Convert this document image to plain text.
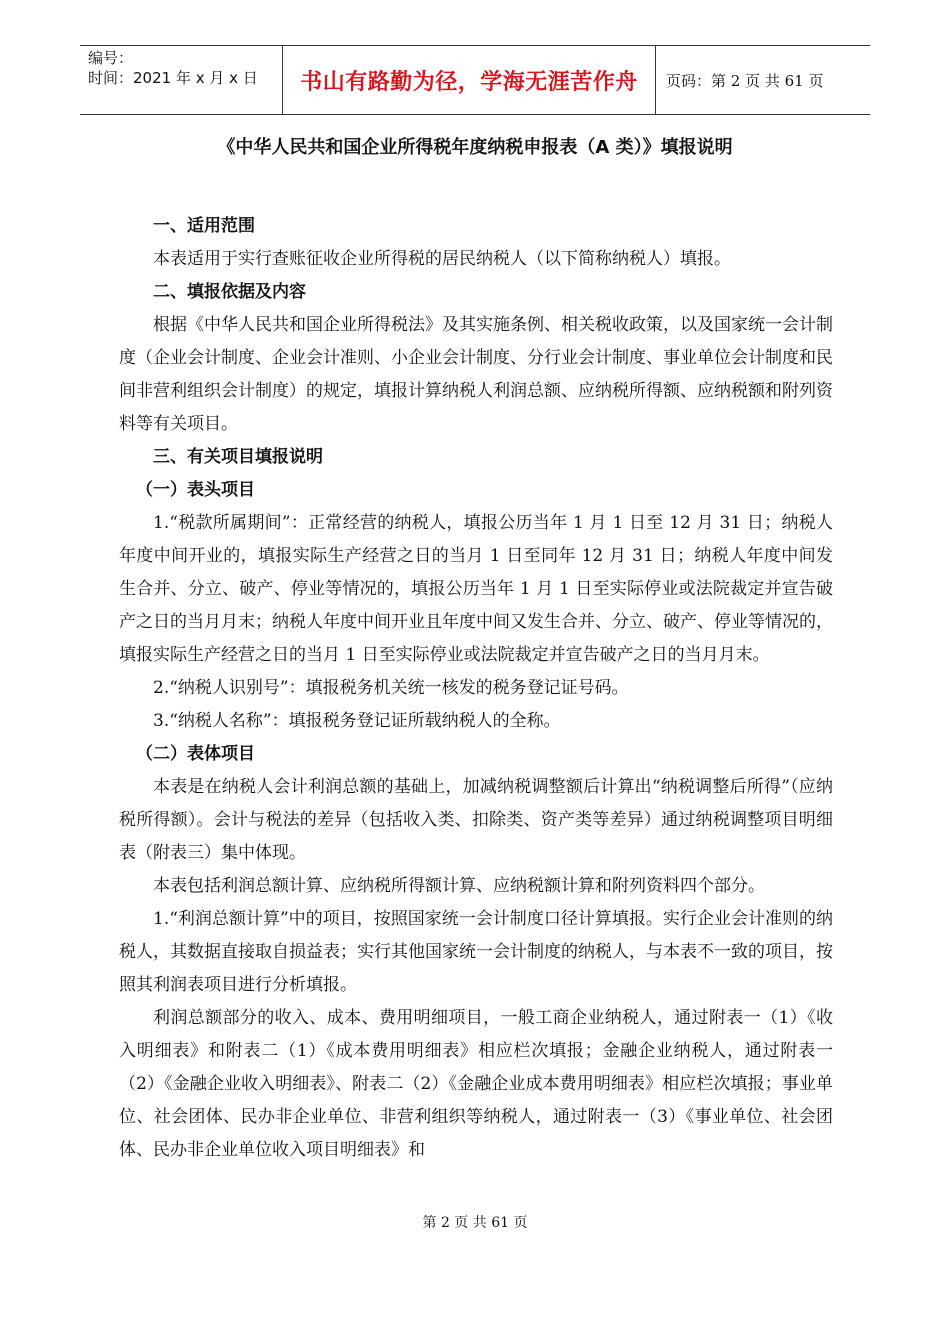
编号：
时间：2021 年 x 月 x 日	书山有路勤为径，学海无涯苦作舟 页码：第 2 页 共 61 页
《中华人民共和国企业所得税年度纳税申报表（A 类）》填报说明

一、适用范围

本表适用于实行查账征收企业所得税的居民纳税人（以下简称纳税人）填报。

二、填报依据及内容

根据《中华人民共和国企业所得税法》及其实施条例、相关税收政策，以及国家统一会计制度（企业会计制度、企业会计准则、小企业会计制度、分行业会计制度、事业单位会计制度和民间非营利组织会计制度）的规定，填报计算纳税人利润总额、应纳税所得额、应纳税额和附列资料等有关项目。

三、有关项目填报说明

（一）表头项目

1.“税款所属期间”：正常经营的纳税人，填报公历当年 1 月 1 日至 12 月 31 日；纳税人年度中间开业的，填报实际生产经营之日的当月 1 日至同年 12 月 31 日；纳税人年度中间发生合并、分立、破产、停业等情况的，填报公历当年 1 月 1 日至实际停业或法院裁定并宣告破产之日的当月月末；纳税人年度中间开业且年度中间又发生合并、分立、破产、停业等情况的，填报实际生产经营之日的当月 1 日至实际停业或法院裁定并宣告破产之日的当月月末。

2.“纳税人识别号”：填报税务机关统一核发的税务登记证号码。

3.“纳税人名称”：填报税务登记证所载纳税人的全称。

（二）表体项目

本表是在纳税人会计利润总额的基础上，加减纳税调整额后计算出“纳税调整后所得”（应纳税所得额）。会计与税法的差异（包括收入类、扣除类、资产类等差异）通过纳税调整项目明细表（附表三）集中体现。

本表包括利润总额计算、应纳税所得额计算、应纳税额计算和附列资料四个部分。

1.“利润总额计算”中的项目，按照国家统一会计制度口径计算填报。实行企业会计准则的纳税人，其数据直接取自损益表；实行其他国家统一会计制度的纳税人，与本表不一致的项目，按照其利润表项目进行分析填报。

利润总额部分的收入、成本、费用明细项目，一般工商企业纳税人，通过附表一（1）《收入明细表》和附表二（1）《成本费用明细表》相应栏次填报；金融企业纳税人，通过附表一（2）《金融企业收入明细表》、附表二（2）《金融企业成本费用明细表》相应栏次填报；事业单位、社会团体、民办非企业单位、非营利组织等纳税人，通过附表一（3）《事业单位、社会团体、民办非企业单位收入项目明细表》和

第 2 页 共 61 页
